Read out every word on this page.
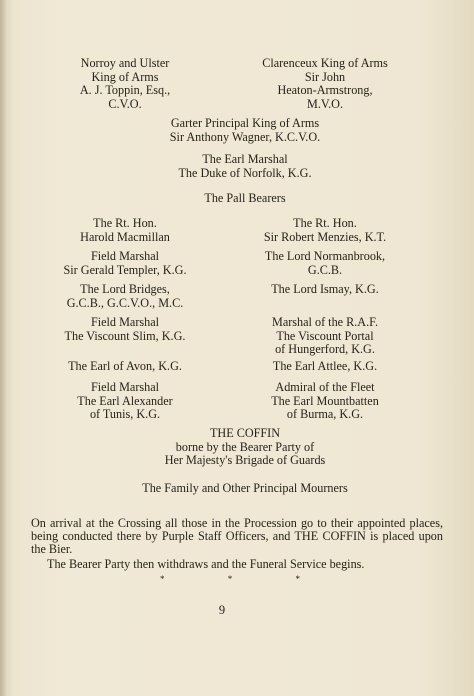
Norroy and Ulster
King of Arms
A. J. Toppin, Esq.,
C.V.O.
Clarenceux King of Arms
Sir John
Heaton-Armstrong,
M.V.O.
Garter Principal King of Arms
Sir Anthony Wagner, K.C.V.O.
The Earl Marshal
The Duke of Norfolk, K.G.
The Pall Bearers
The Rt. Hon.
Harold Macmillan
Field Marshal
Sir Gerald Templer, K.G.
The Lord Bridges,
G.C.B., G.C.V.O., M.C.
Field Marshal
The Viscount Slim, K.G.
The Earl of Avon, K.G.
Field Marshal
The Earl Alexander
of Tunis, K.G.
The Rt. Hon.
Sir Robert Menzies, K.T.
The Lord Normanbrook,
G.C.B.
The Lord Ismay, K.G.
Marshal of the R.A.F.
The Viscount Portal
of Hungerford, K.G.
The Earl Attlee, K.G.
Admiral of the Fleet
The Earl Mountbatten
of Burma, K.G.
THE COFFIN
borne by the Bearer Party of
Her Majesty's Brigade of Guards
The Family and Other Principal Mourners

On arrival at the Crossing all those in the Procession go to their appointed places, being conducted there by Purple Staff Officers, and THE COFFIN is placed upon the Bier.

The Bearer Party then withdraws and the Funeral Service begins.

*	*	*
9
